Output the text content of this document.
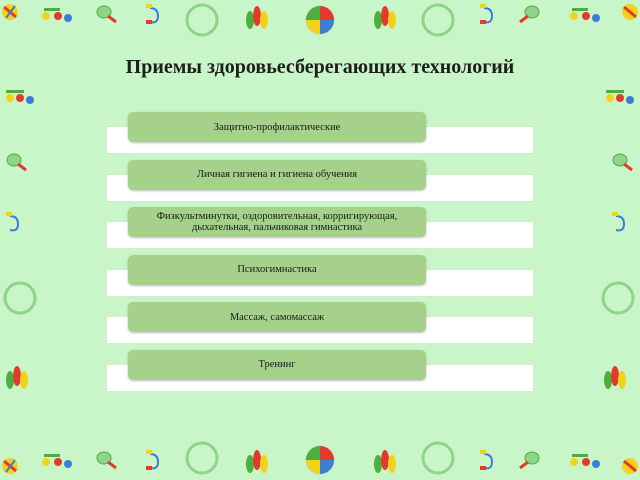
Приемы здоровьесберегающих технологий
Защитно-профилактические
Личная гигиена и гигиена обучения
Физкультминутки, оздоровительная, корригирующая, дыхательная, пальчиковая гимнастика
Психогимнастика
Массаж, самомассаж
Тренинг
